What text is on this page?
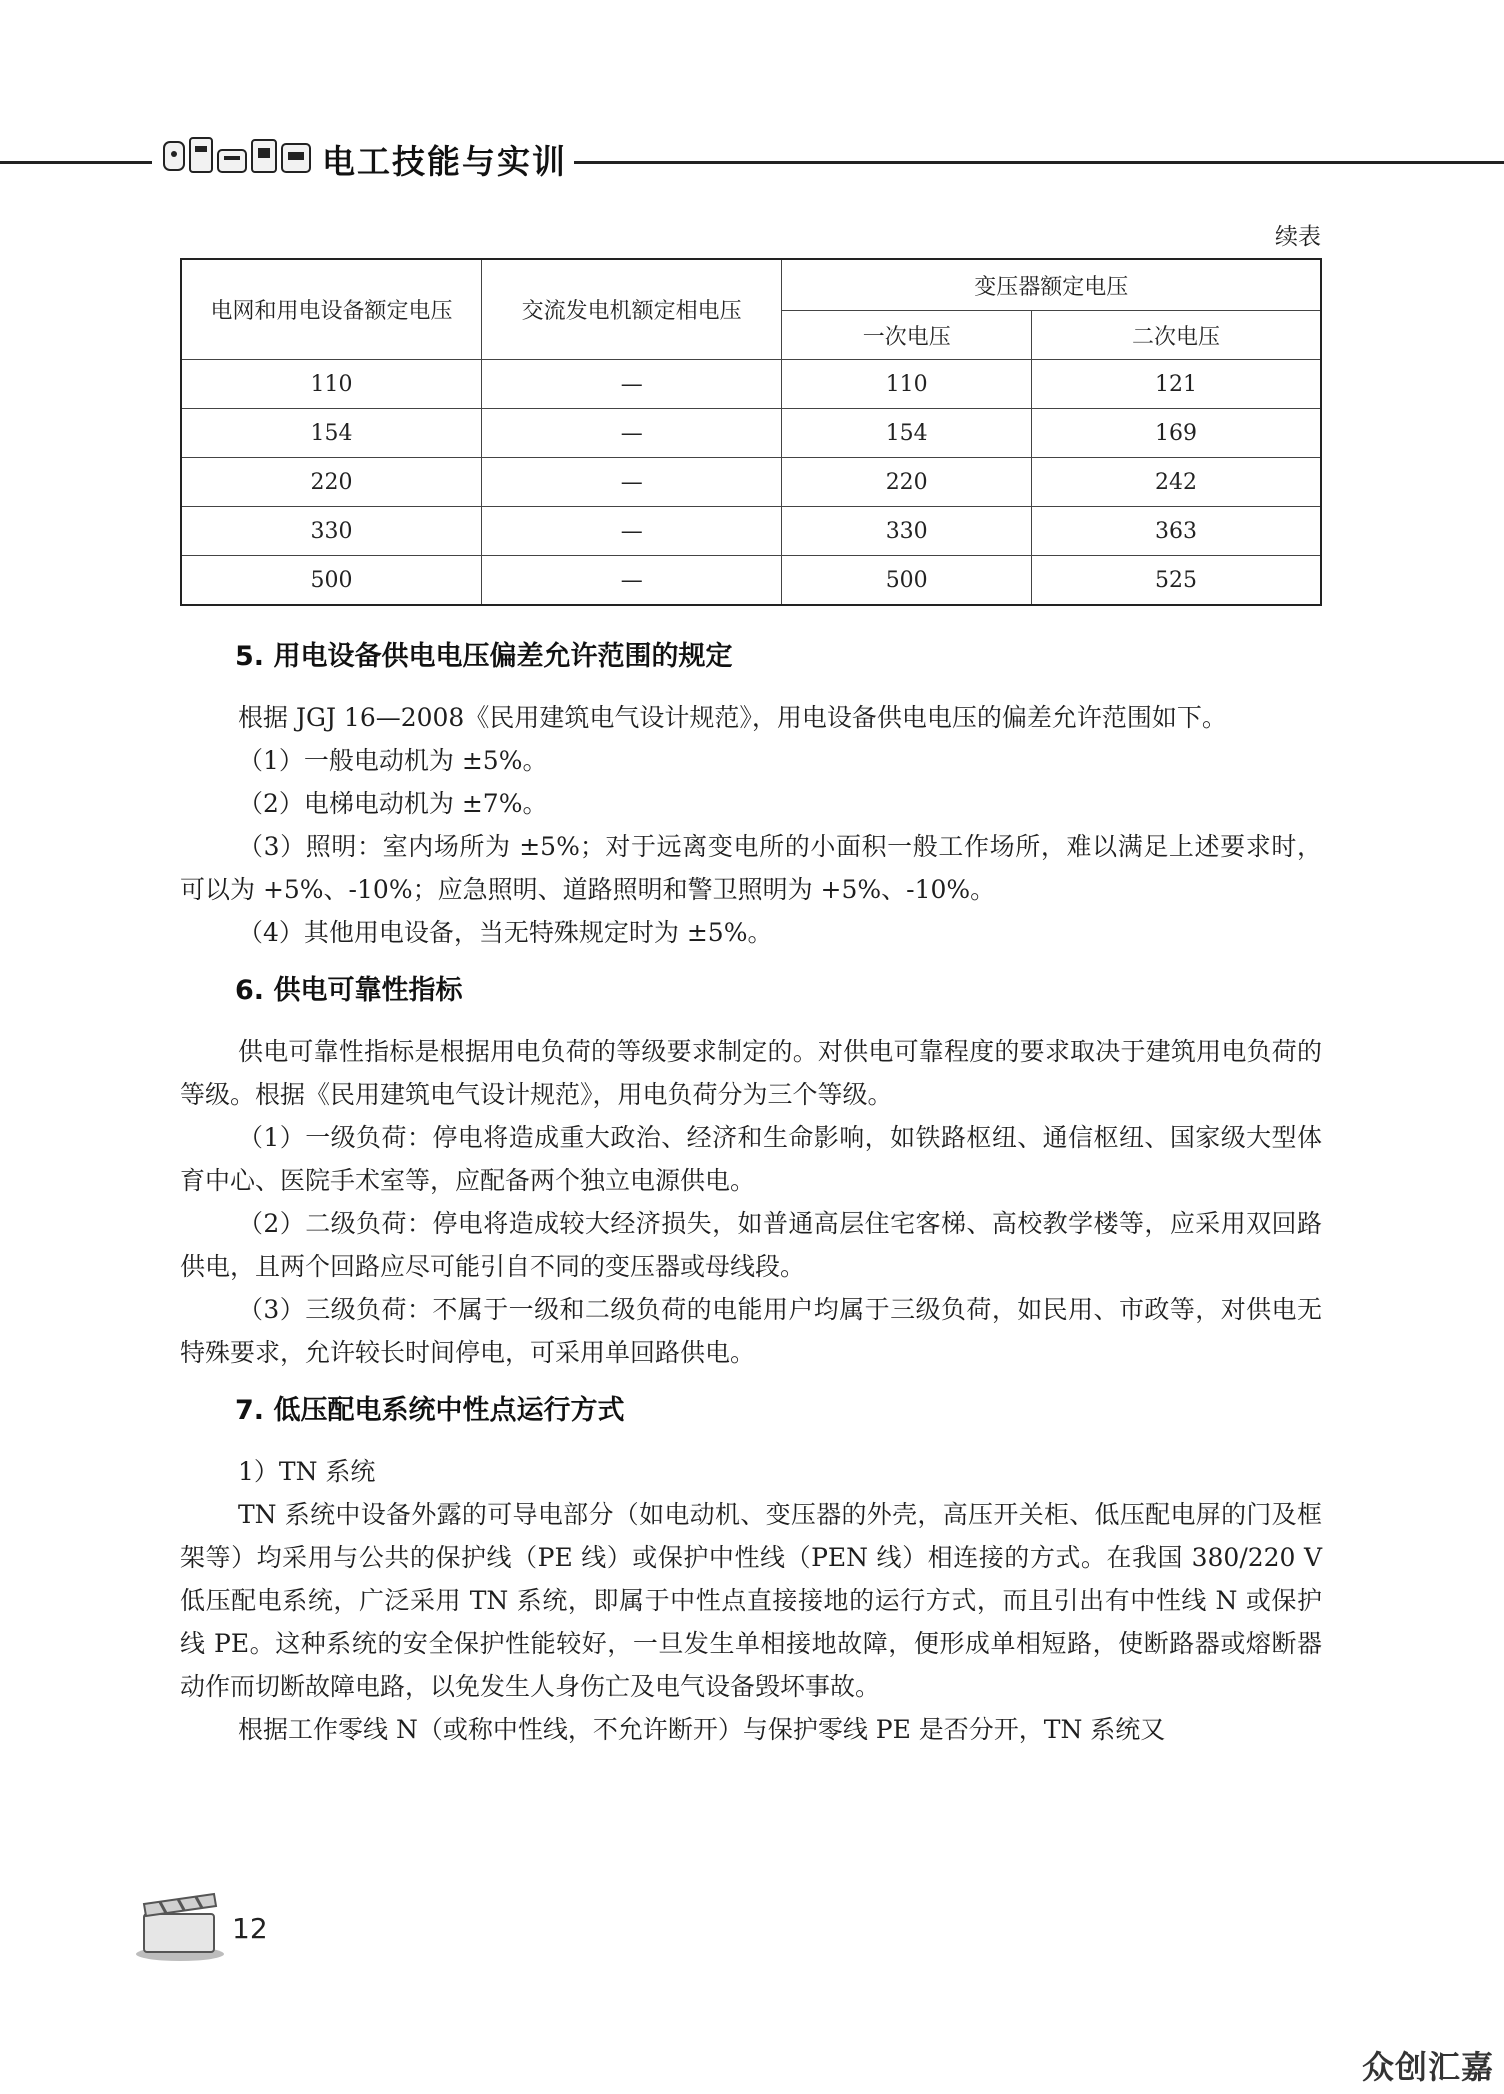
电工技能与实训
续表
电网和用电设备额定电压	交流发电机额定相电压	变压器额定电压	
		一次电压	二次电压
110	—	110	121
154	—	154	169
220	—	220	242
330	—	330	363
500	—	500	525
5. 用电设备供电电压偏差允许范围的规定

根据 JGJ 16—2008《民用建筑电气设计规范》，用电设备供电电压的偏差允许范围如下。

（1）一般电动机为 ±5%。

（2）电梯电动机为 ±7%。

（3）照明：室内场所为 ±5%；对于远离变电所的小面积一般工作场所，难以满足上述要求时，可以为 +5%、-10%；应急照明、道路照明和警卫照明为 +5%、-10%。

（4）其他用电设备，当无特殊规定时为 ±5%。

6. 供电可靠性指标

供电可靠性指标是根据用电负荷的等级要求制定的。对供电可靠程度的要求取决于建筑用电负荷的等级。根据《民用建筑电气设计规范》，用电负荷分为三个等级。

（1）一级负荷：停电将造成重大政治、经济和生命影响，如铁路枢纽、通信枢纽、国家级大型体育中心、医院手术室等，应配备两个独立电源供电。

（2）二级负荷：停电将造成较大经济损失，如普通高层住宅客梯、高校教学楼等，应采用双回路供电，且两个回路应尽可能引自不同的变压器或母线段。

（3）三级负荷：不属于一级和二级负荷的电能用户均属于三级负荷，如民用、市政等，对供电无特殊要求，允许较长时间停电，可采用单回路供电。

7. 低压配电系统中性点运行方式

1）TN 系统

TN 系统中设备外露的可导电部分（如电动机、变压器的外壳，高压开关柜、低压配电屏的门及框架等）均采用与公共的保护线（PE 线）或保护中性线（PEN 线）相连接的方式。在我国 380/220 V 低压配电系统，广泛采用 TN 系统，即属于中性点直接接地的运行方式，而且引出有中性线 N 或保护线 PE。这种系统的安全保护性能较好，一旦发生单相接地故障，便形成单相短路，使断路器或熔断器动作而切断故障电路，以免发生人身伤亡及电气设备毁坏事故。

根据工作零线 N（或称中性线，不允许断开）与保护零线 PE 是否分开，TN 系统又

12
众创汇嘉
